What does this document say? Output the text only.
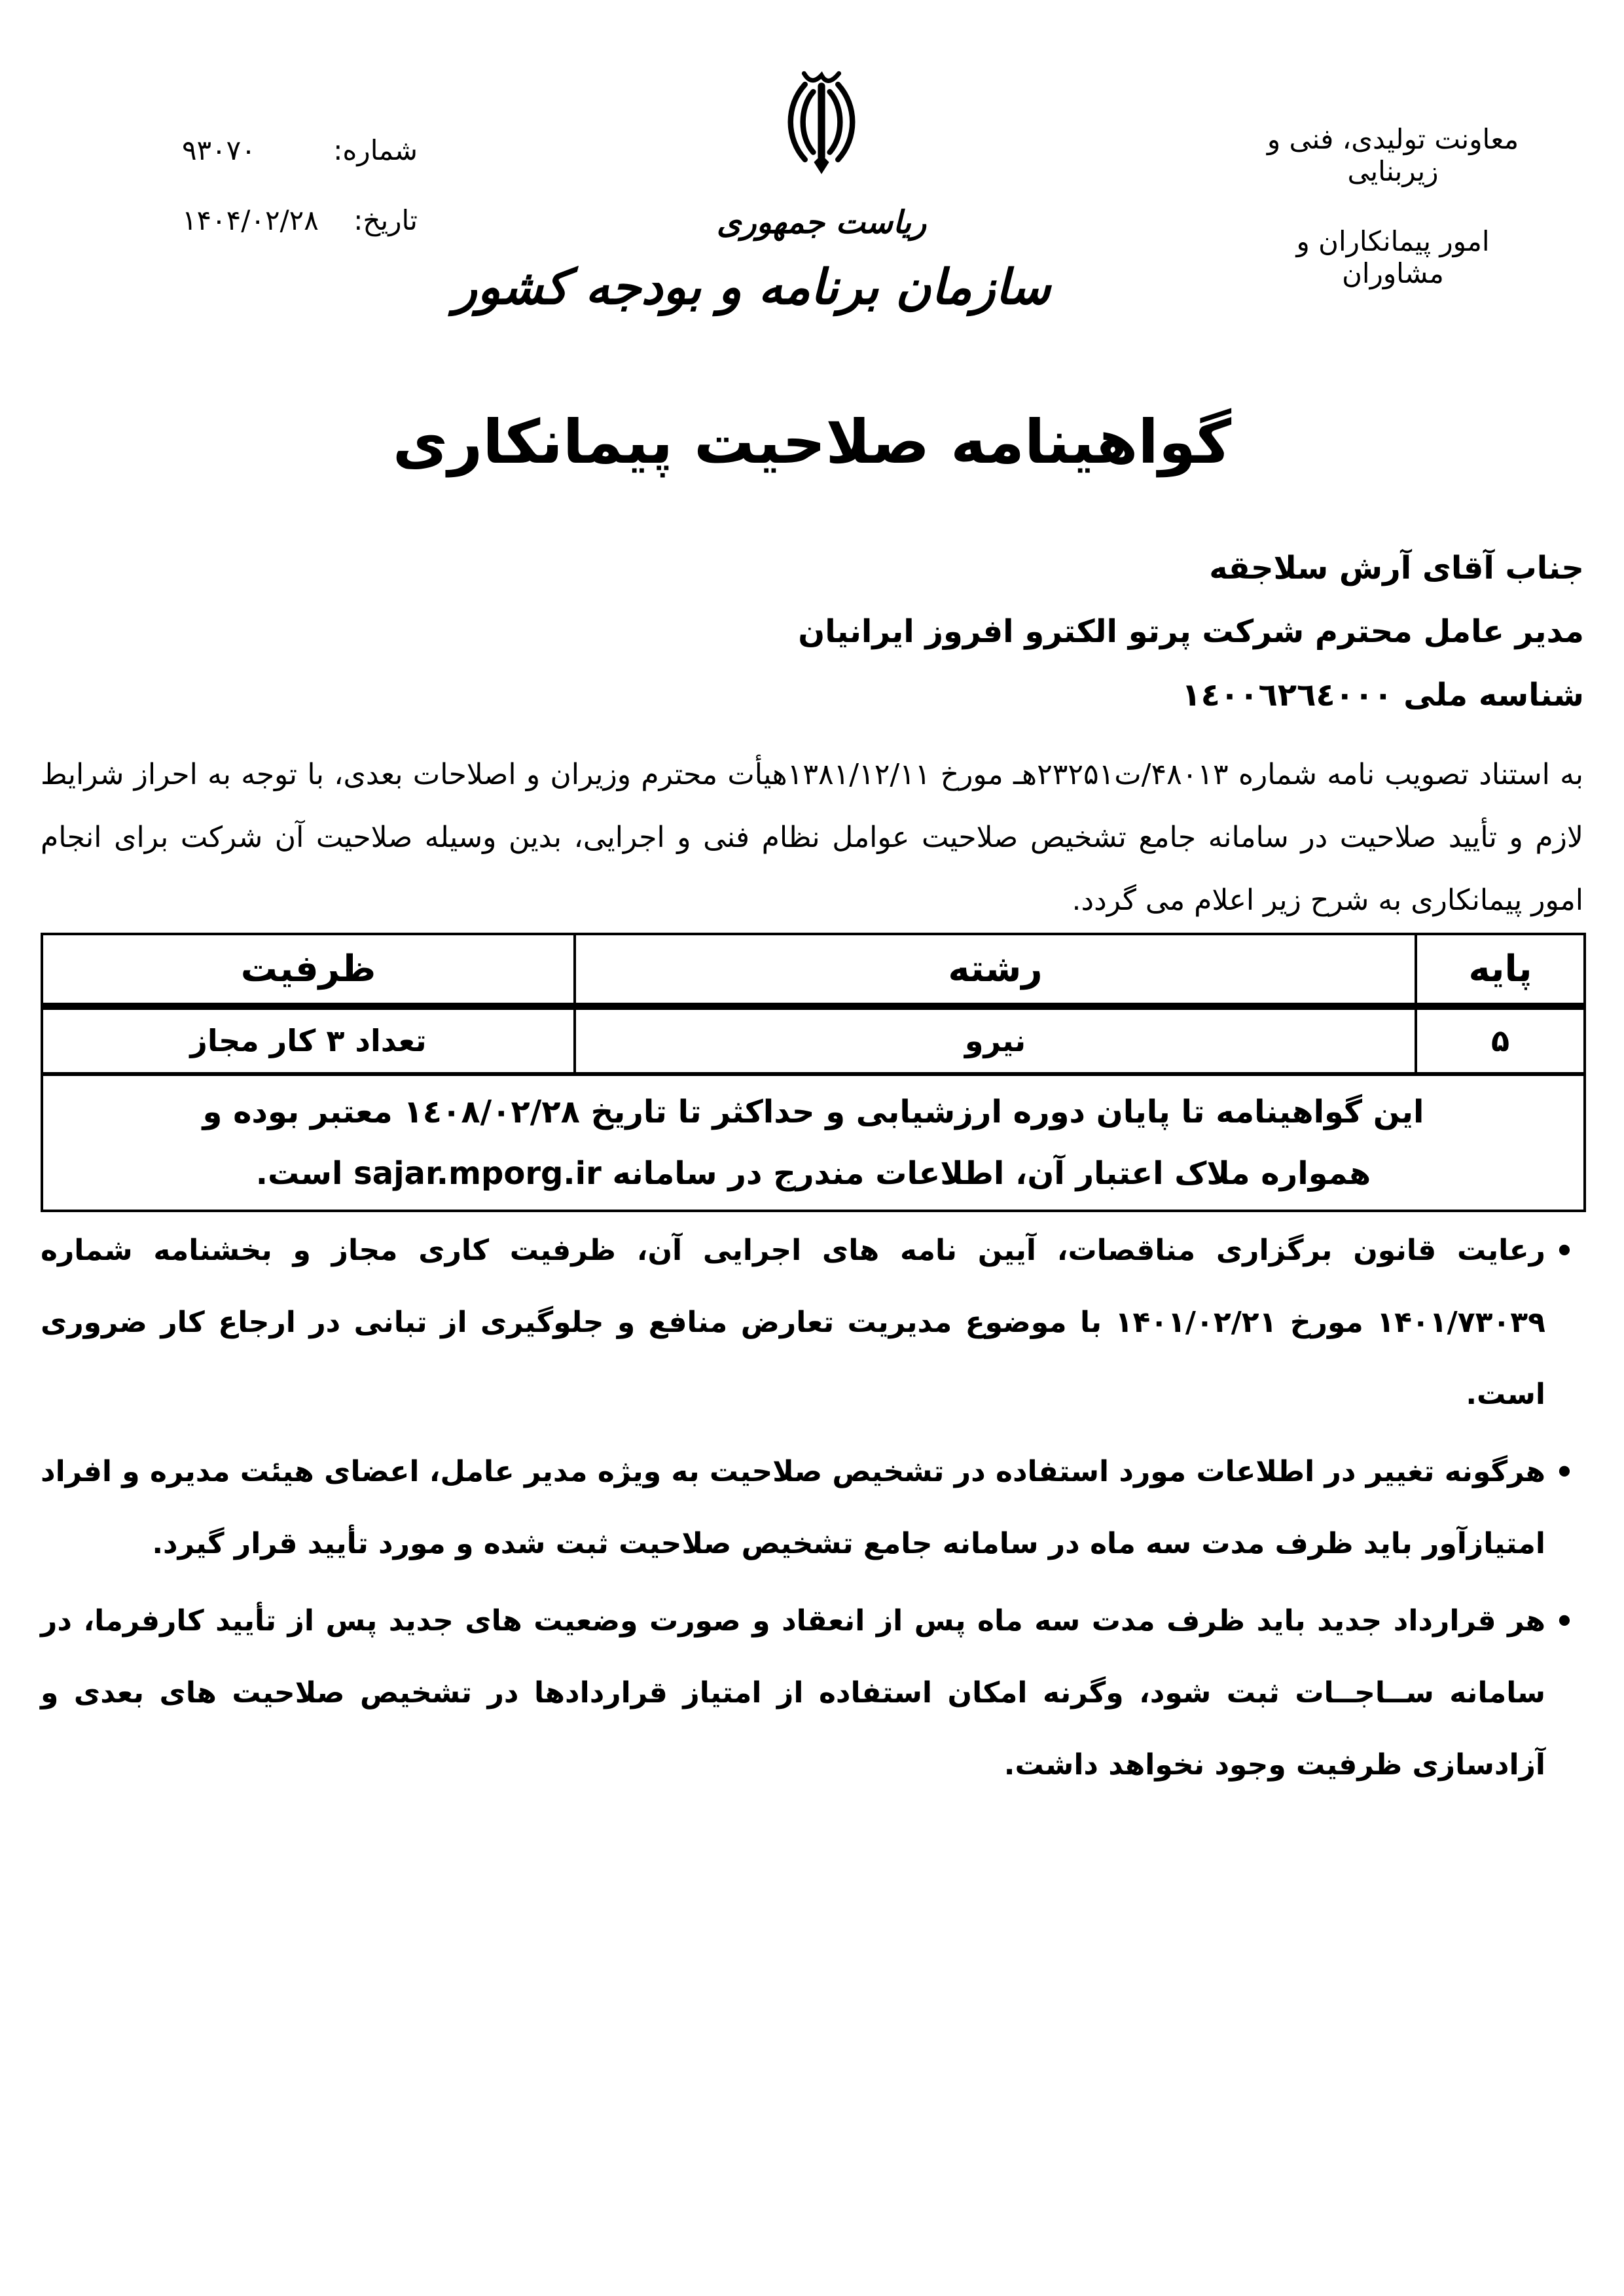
شماره:
۹۳۰۷۰
تاریخ:
۱۴۰۴/۰۲/۲۸
معاونت تولیدی، فنی و زیربنایی
امور پیمانکاران و مشاوران
ریاست جمهوری
سازمان برنامه و بودجه کشور
گواهینامه صلاحیت پیمانکاری
جناب آقای آرش سلاجقه
مدیر عامل محترم شرکت پرتو الکترو افروز ایرانیان
شناسه ملی ١٤٠٠٦٢٦٤٠٠٠
به استناد تصویب نامه شماره ۴۸۰۱۳/ت۲۳۲۵۱هـ مورخ ۱۳۸۱/۱۲/۱۱هیأت محترم وزیران و اصلاحات بعدی، با توجه به احراز شرایط لازم و تأیید صلاحیت در سامانه جامع تشخیص صلاحیت عوامل نظام فنی و اجرایی، بدین وسیله صلاحیت آن شرکت برای انجام امور پیمانکاری به شرح زیر اعلام می گردد.
پایه	رشته	ظرفیت
۵	نیرو	تعداد ۳ کار مجاز

این گواهینامه تا پایان دوره ارزشیابی و حداکثر تا تاریخ ١٤٠٨/٠٢/٢٨ معتبر بوده و
همواره ملاک اعتبار آن، اطلاعات مندرج در سامانه sajar.mporg.ir است.		
•
رعایت قانون برگزاری مناقصات، آیین نامه های اجرایی آن، ظرفیت کاری مجاز و بخشنامه شماره ۱۴۰۱/۷۳۰۳۹ مورخ ۱۴۰۱/۰۲/۲۱ با موضوع مدیریت تعارض منافع و جلوگیری از تبانی در ارجاع کار ضروری است.
•
هرگونه تغییر در اطلاعات مورد استفاده در تشخیص صلاحیت به ویژه مدیر عامل، اعضای هیئت مدیره و افراد امتیازآور باید ظرف مدت سه ماه در سامانه جامع تشخیص صلاحیت ثبت شده و مورد تأیید قرار گیرد.
•
هر قرارداد جدید باید ظرف مدت سه ماه پس از انعقاد و صورت وضعیت های جدید پس از تأیید کارفرما، در سامانه ســاجــات ثبت شود، وگرنه امکان استفاده از امتیاز قراردادها در تشخیص صلاحیت های بعدی و آزادسازی ظرفیت وجود نخواهد داشت.
